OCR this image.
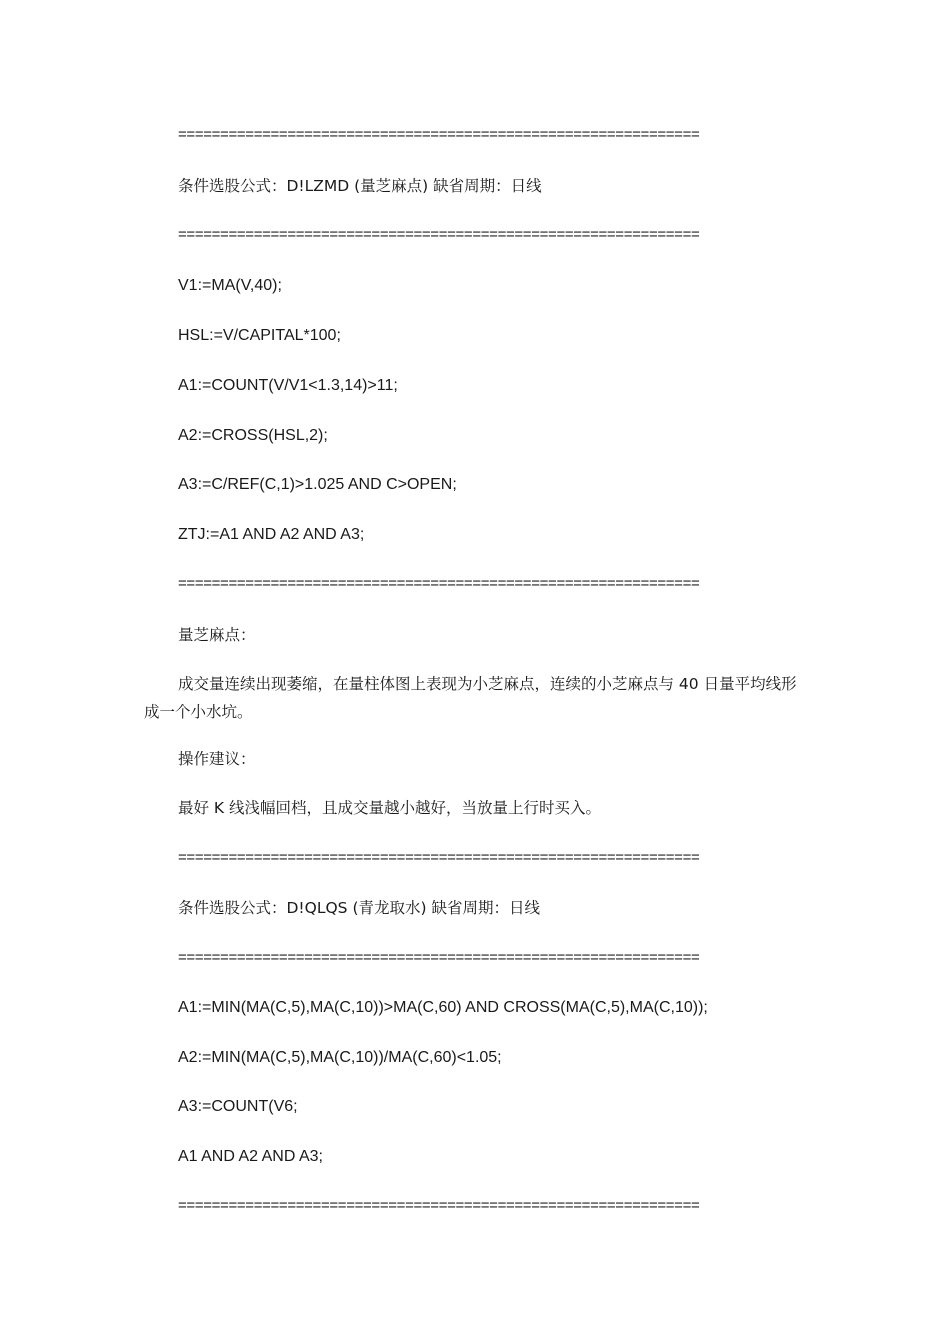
==============================================================
条件选股公式：D!LZMD (量芝麻点) 缺省周期：日线
==============================================================
V1:=MA(V,40);
HSL:=V/CAPITAL*100;
A1:=COUNT(V/V1<1.3,14)>11;
A2:=CROSS(HSL,2);
A3:=C/REF(C,1)>1.025 AND C>OPEN;
ZTJ:=A1 AND A2 AND A3;
==============================================================
量芝麻点：
成交量连续出现萎缩，在量柱体图上表现为小芝麻点，连续的小芝麻点与 40 日量平均线形成一个小水坑。
操作建议：
最好 K 线浅幅回档，且成交量越小越好，当放量上行时买入。
==============================================================
条件选股公式：D!QLQS (青龙取水) 缺省周期：日线
==============================================================
A1:=MIN(MA(C,5),MA(C,10))>MA(C,60) AND CROSS(MA(C,5),MA(C,10));
A2:=MIN(MA(C,5),MA(C,10))/MA(C,60)<1.05;
A3:=COUNT(V6;
A1 AND A2 AND A3;
==============================================================
